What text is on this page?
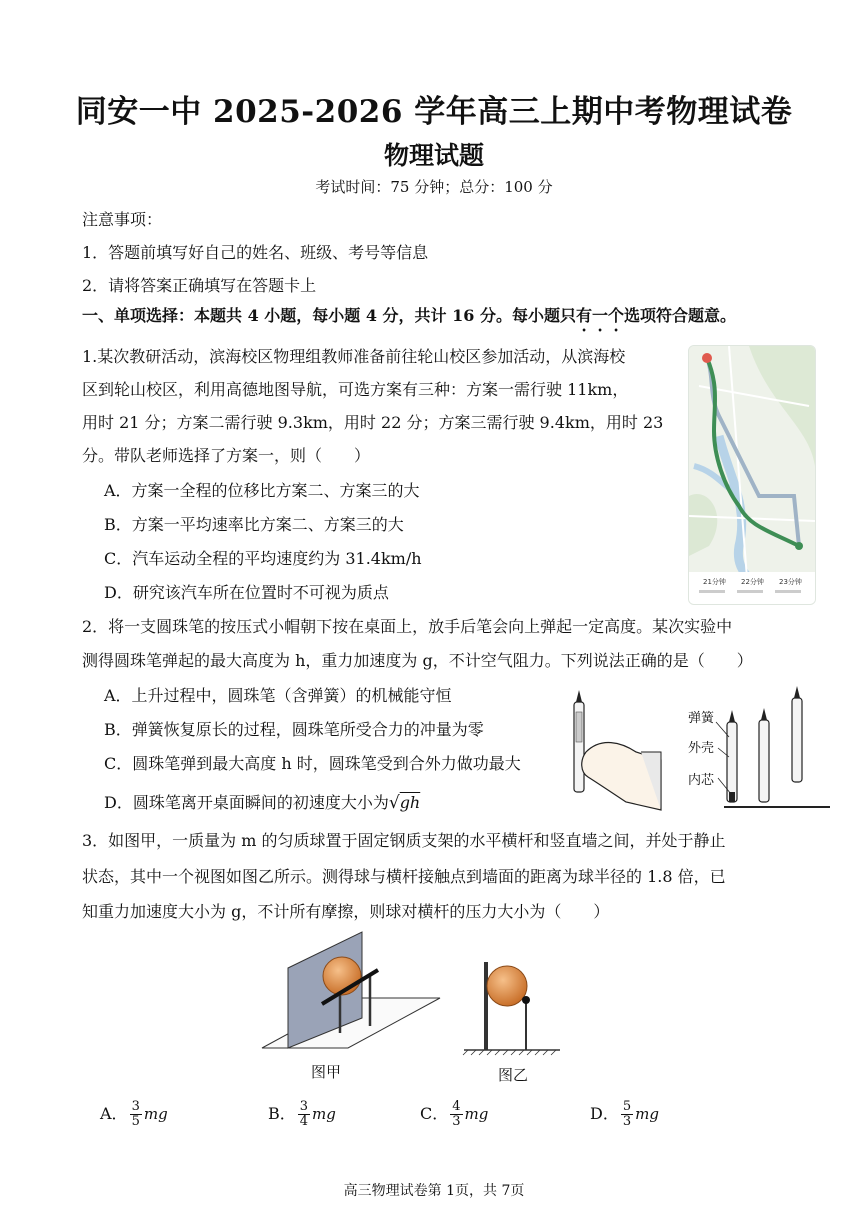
同安一中 2025-2026 学年高三上期中考物理试卷
物理试题
考试时间：75 分钟；总分：100 分
注意事项：
1．答题前填写好自己的姓名、班级、考号等信息
2．请将答案正确填写在答题卡上
一、单项选择：本题共 4 小题，每小题 4 分，共计 16 分。每小题只有一个选项符合题意。
1.某次教研活动，滨海校区物理组教师准备前往轮山校区参加活动，从滨海校
区到轮山校区，利用高德地图导航，可选方案有三种：方案一需行驶 11km，
用时 21 分；方案二需行驶 9.3km，用时 22 分；方案三需行驶 9.4km，用时 23
分。带队老师选择了方案一，则（　　）
A．方案一全程的位移比方案二、方案三的大
B．方案一平均速率比方案二、方案三的大
C．汽车运动全程的平均速度约为 31.4km/h
D．研究该汽车所在位置时不可视为质点
21分钟 22分钟 23分钟
2．将一支圆珠笔的按压式小帽朝下按在桌面上，放手后笔会向上弹起一定高度。某次实验中
测得圆珠笔弹起的最大高度为 h，重力加速度为 g，不计空气阻力。下列说法正确的是（　　）
A．上升过程中，圆珠笔（含弹簧）的机械能守恒
B．弹簧恢复原长的过程，圆珠笔所受合力的冲量为零
C．圆珠笔弹到最大高度 h 时，圆珠笔受到合外力做功最大
D．圆珠笔离开桌面瞬间的初速度大小为√gh
弹簧
外壳
内芯
3．如图甲，一质量为 m 的匀质球置于固定钢质支架的水平横杆和竖直墙之间，并处于静止
状态，其中一个视图如图乙所示。测得球与横杆接触点到墙面的距离为球半径的 1.8 倍，已
知重力加速度大小为 g，不计所有摩擦，则球对横杆的压力大小为（　　）
图甲	图乙
A． $\frac{3}{5}$ mg	B． $\frac{3}{4}$ mg	C． $\frac{4}{3}$ mg	D． $\frac{5}{3}$ mg
高三物理试卷第 1页，共 7页
